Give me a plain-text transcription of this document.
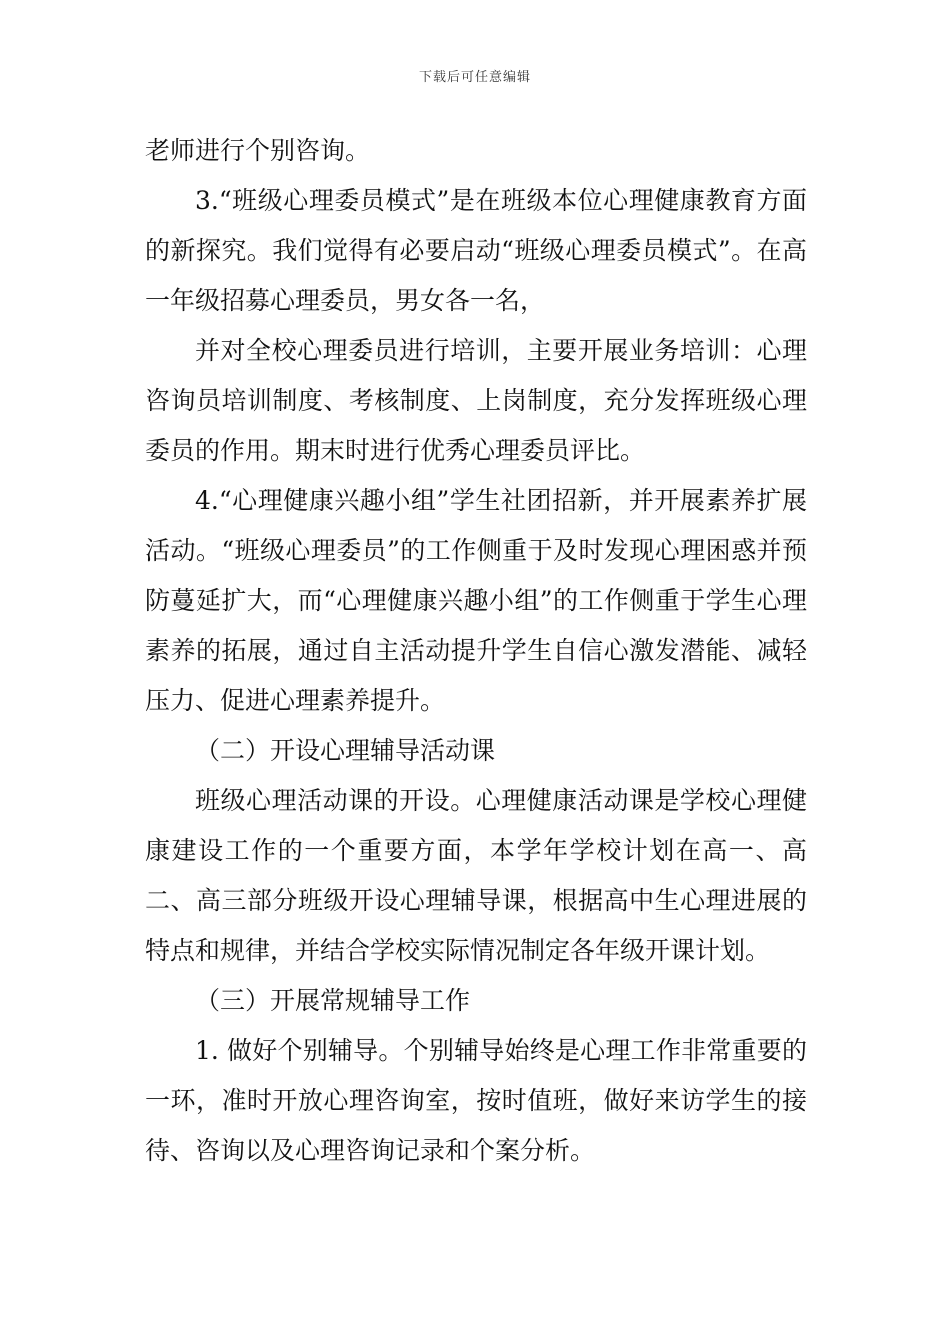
下载后可任意编辑

老师进行个别咨询。

3.“班级心理委员模式”是在班级本位心理健康教育方面的新探究。我们觉得有必要启动“班级心理委员模式”。在高一年级招募心理委员，男女各一名，

并对全校心理委员进行培训，主要开展业务培训：心理咨询员培训制度、考核制度、上岗制度，充分发挥班级心理委员的作用。期末时进行优秀心理委员评比。

4.“心理健康兴趣小组”学生社团招新，并开展素养扩展活动。“班级心理委员”的工作侧重于及时发现心理困惑并预防蔓延扩大，而“心理健康兴趣小组”的工作侧重于学生心理素养的拓展，通过自主活动提升学生自信心激发潜能、减轻压力、促进心理素养提升。

（二）开设心理辅导活动课

班级心理活动课的开设。心理健康活动课是学校心理健康建设工作的一个重要方面，本学年学校计划在高一、高二、高三部分班级开设心理辅导课，根据高中生心理进展的特点和规律，并结合学校实际情况制定各年级开课计划。

（三）开展常规辅导工作

1. 做好个别辅导。个别辅导始终是心理工作非常重要的一环，准时开放心理咨询室，按时值班，做好来访学生的接待、咨询以及心理咨询记录和个案分析。
